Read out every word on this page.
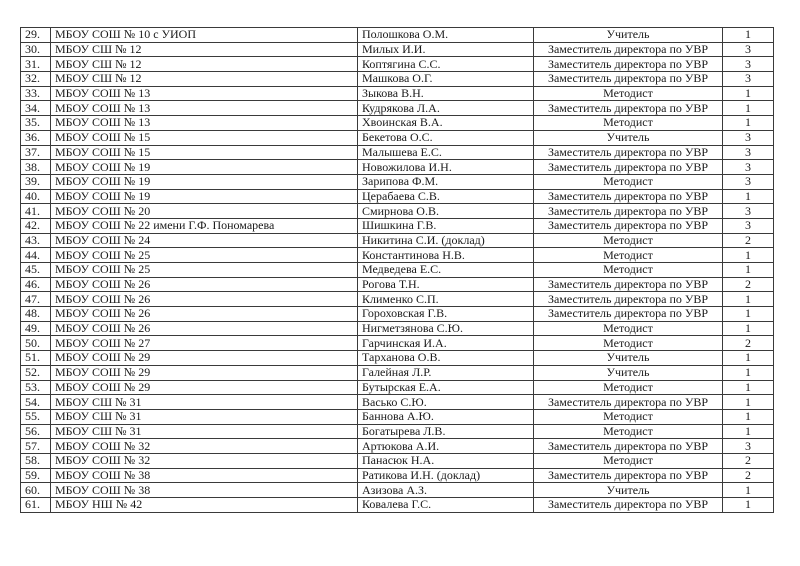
29.	МБОУ СОШ № 10 с УИОП	Полошкова О.М.	Учитель	1
30.	МБОУ СШ № 12	Милых И.И.	Заместитель директора по УВР	3
31.	МБОУ СШ № 12	Коптягина С.С.	Заместитель директора по УВР	3
32.	МБОУ СШ № 12	Машкова О.Г.	Заместитель директора по УВР	3
33.	МБОУ СОШ № 13	Зыкова В.Н.	Методист	1
34.	МБОУ СОШ № 13	Кудрякова Л.А.	Заместитель директора по УВР	1
35.	МБОУ СОШ № 13	Хвоинская В.А.	Методист	1
36.	МБОУ СОШ № 15	Бекетова О.С.	Учитель	3
37.	МБОУ СОШ № 15	Малышева Е.С.	Заместитель директора по УВР	3
38.	МБОУ СОШ № 19	Новожилова И.Н.	Заместитель директора по УВР	3
39.	МБОУ СОШ № 19	Зарипова Ф.М.	Методист	3
40.	МБОУ СОШ № 19	Церабаева С.В.	Заместитель директора по УВР	1
41.	МБОУ СОШ № 20	Смирнова О.В.	Заместитель директора по УВР	3
42.	МБОУ СОШ № 22 имени Г.Ф. Пономарева	Шишкина Г.В.	Заместитель директора по УВР	3
43.	МБОУ СОШ № 24	Никитина С.И. (доклад)	Методист	2
44.	МБОУ СОШ № 25	Константинова Н.В.	Методист	1
45.	МБОУ СОШ № 25	Медведева Е.С.	Методист	1
46.	МБОУ СОШ № 26	Рогова Т.Н.	Заместитель директора по УВР	2
47.	МБОУ СОШ № 26	Клименко С.П.	Заместитель директора по УВР	1
48.	МБОУ СОШ № 26	Гороховская Г.В.	Заместитель директора по УВР	1
49.	МБОУ СОШ № 26	Нигметзянова С.Ю.	Методист	1
50.	МБОУ СОШ № 27	Гарчинская И.А.	Методист	2
51.	МБОУ СОШ № 29	Тарханова О.В.	Учитель	1
52.	МБОУ СОШ № 29	Галейная Л.Р.	Учитель	1
53.	МБОУ СОШ № 29	Бутырская Е.А.	Методист	1
54.	МБОУ СШ № 31	Васько С.Ю.	Заместитель директора по УВР	1
55.	МБОУ СШ № 31	Баннова А.Ю.	Методист	1
56.	МБОУ СШ № 31	Богатырева Л.В.	Методист	1
57.	МБОУ СОШ № 32	Артюкова А.И.	Заместитель директора по УВР	3
58.	МБОУ СОШ № 32	Панасюк Н.А.	Методист	2
59.	МБОУ СОШ № 38	Ратикова И.Н. (доклад)	Заместитель директора по УВР	2
60.	МБОУ СОШ № 38	Азизова А.З.	Учитель	1
61.	МБОУ НШ № 42	Ковалева Г.С.	Заместитель директора по УВР	1
